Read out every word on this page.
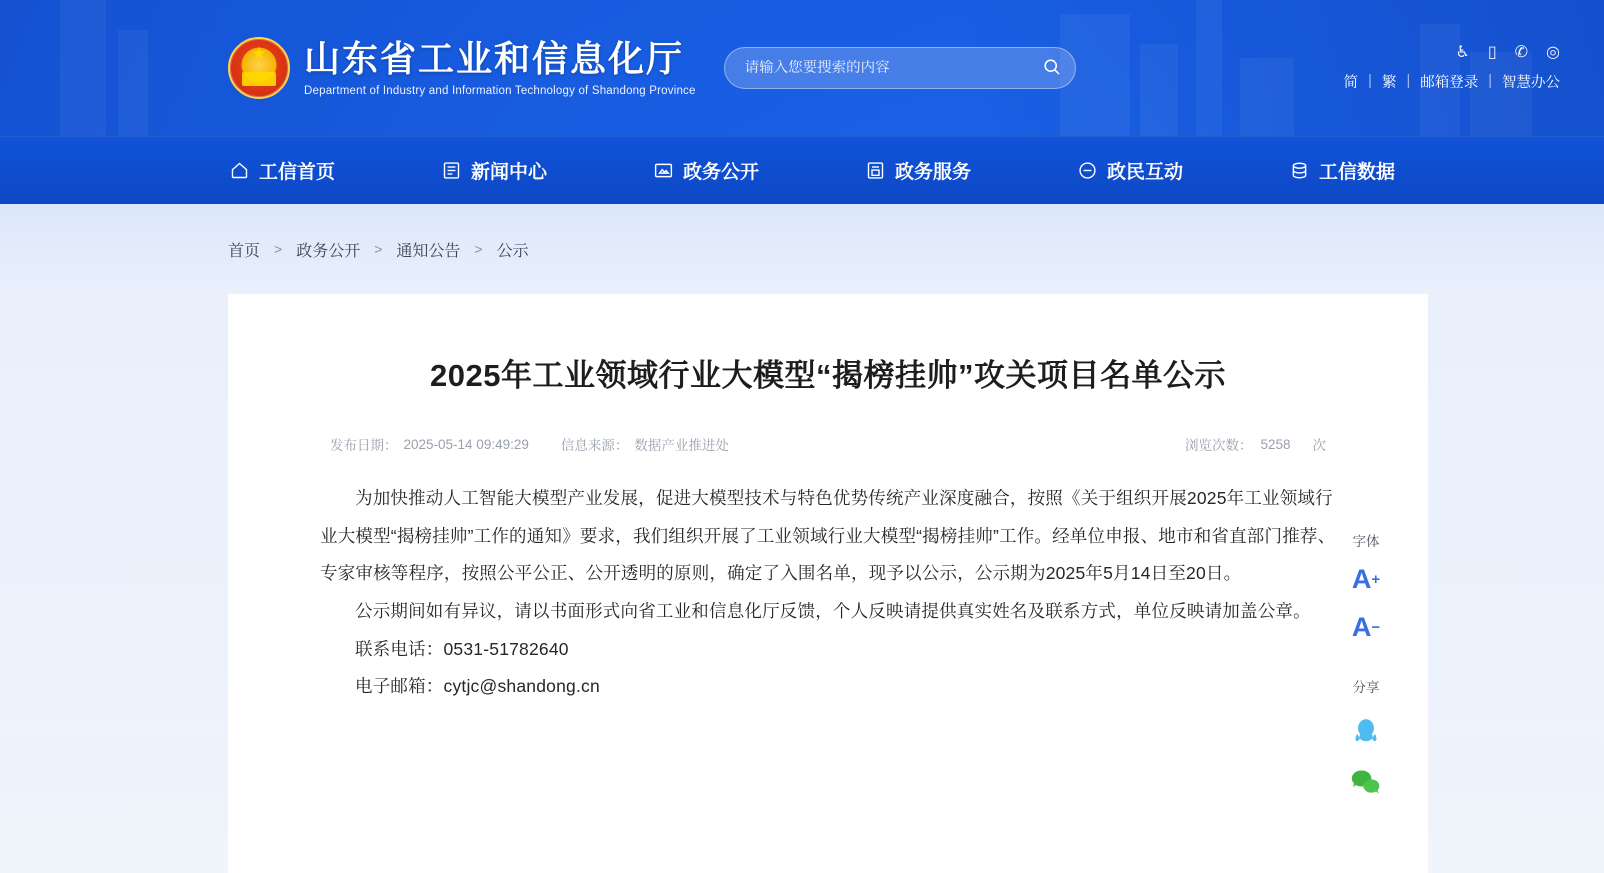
★
山东省工业和信息化厅
Department of Industry and Information Technology of Shandong Province
请输入您要搜索的内容
♿ ▯ ✆ ◎
简 | 繁 | 邮箱登录 | 智慧办公
工信首页	新闻中心	政务公开	政务服务	政民互动	工信数据
首页 > 政务公开 > 通知公告 > 公示
2025年工业领域行业大模型“揭榜挂帅”攻关项目名单公示
发布日期： 2025-05-14 09:49:29 信息来源： 数据产业推进处	浏览次数： 5258 次

为加快推动人工智能大模型产业发展，促进大模型技术与特色优势传统产业深度融合，按照《关于组织开展2025年工业领域行业大模型“揭榜挂帅”工作的通知》要求，我们组织开展了工业领域行业大模型“揭榜挂帅”工作。经单位申报、地市和省直部门推荐、专家审核等程序，按照公平公正、公开透明的原则，确定了入围名单，现予以公示，公示期为2025年5月14日至20日。

公示期间如有异议，请以书面形式向省工业和信息化厅反馈，个人反映请提供真实姓名及联系方式，单位反映请加盖公章。

联系电话：0531-51782640

电子邮箱：cytjc@shandong.cn

字体
A +
A −
分享
